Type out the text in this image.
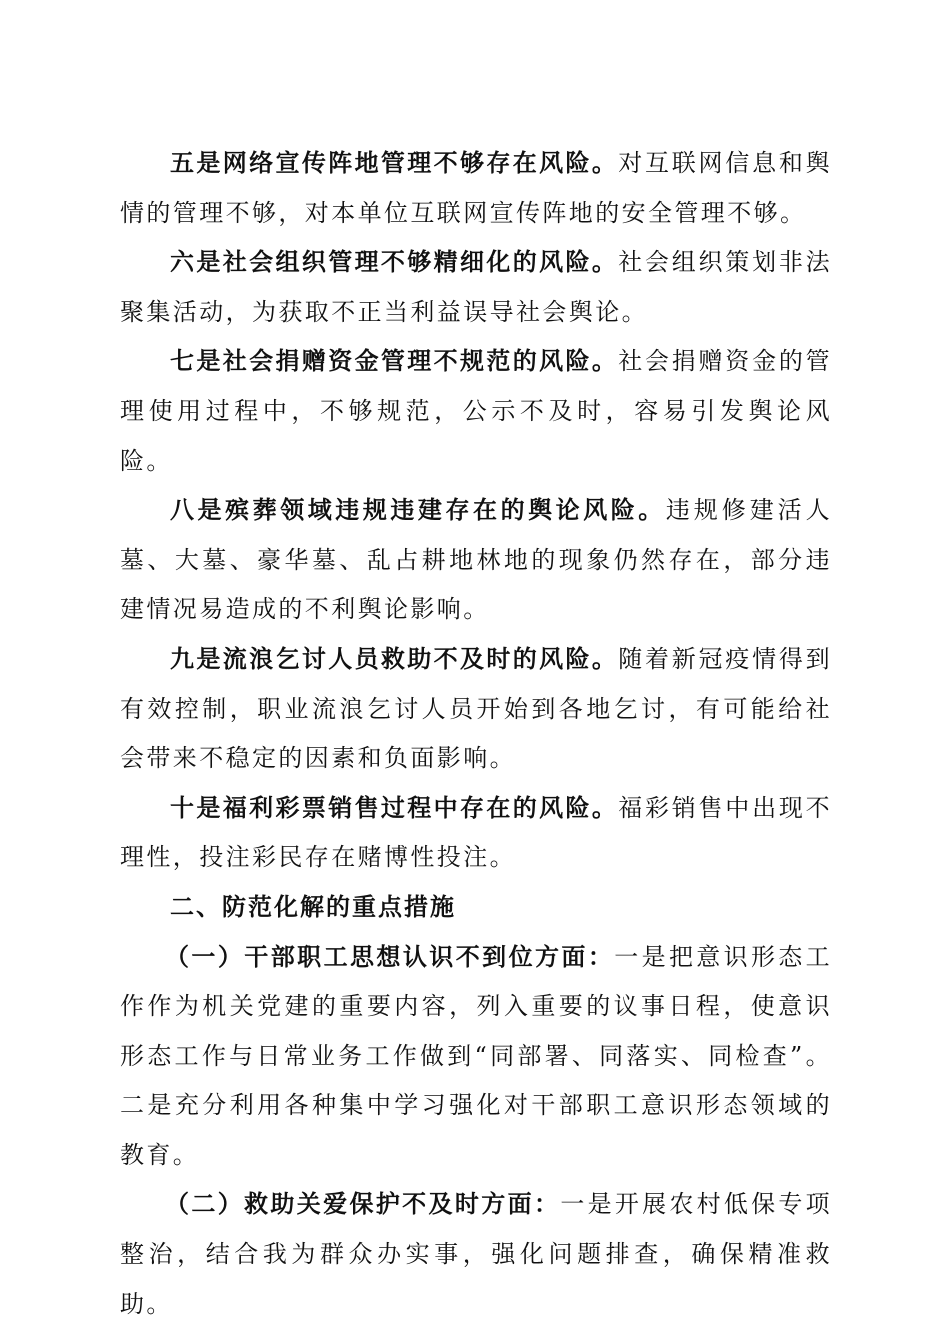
五是网络宣传阵地管理不够存在风险。对互联网信息和舆情的管理不够，对本单位互联网宣传阵地的安全管理不够。

六是社会组织管理不够精细化的风险。社会组织策划非法聚集活动，为获取不正当利益误导社会舆论。

七是社会捐赠资金管理不规范的风险。社会捐赠资金的管理使用过程中，不够规范，公示不及时，容易引发舆论风险。

八是殡葬领域违规违建存在的舆论风险。违规修建活人墓、大墓、豪华墓、乱占耕地林地的现象仍然存在，部分违建情况易造成的不利舆论影响。

九是流浪乞讨人员救助不及时的风险。随着新冠疫情得到有效控制，职业流浪乞讨人员开始到各地乞讨，有可能给社会带来不稳定的因素和负面影响。

十是福利彩票销售过程中存在的风险。福彩销售中出现不理性，投注彩民存在赌博性投注。

二、防范化解的重点措施

（一）干部职工思想认识不到位方面：一是把意识形态工作作为机关党建的重要内容，列入重要的议事日程，使意识形态工作与日常业务工作做到“同部署、同落实、同检查”。二是充分利用各种集中学习强化对干部职工意识形态领域的教育。

（二）救助关爱保护不及时方面：一是开展农村低保专项整治，结合我为群众办实事，强化问题排查，确保精准救助。
